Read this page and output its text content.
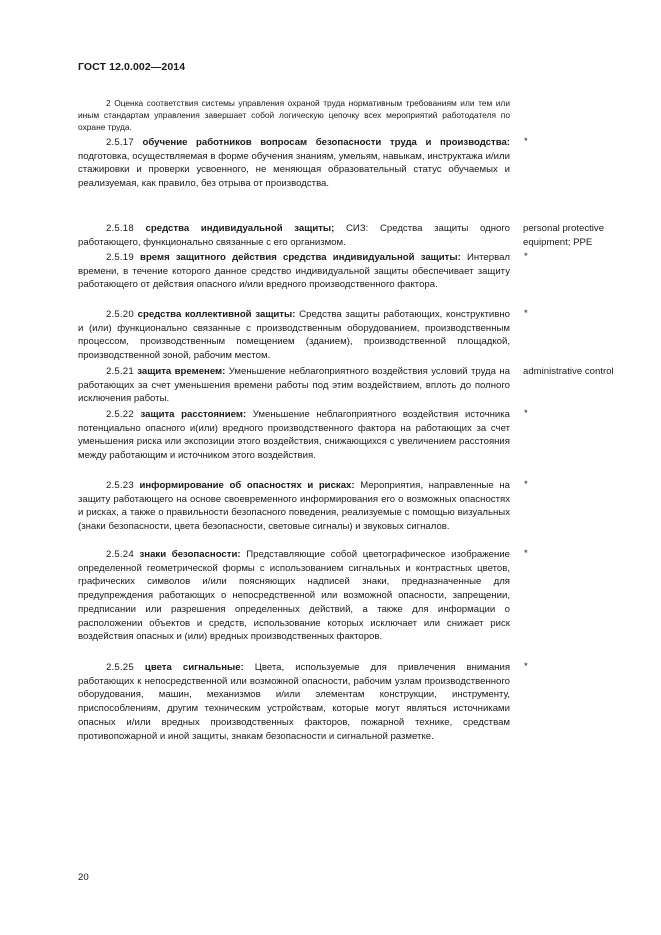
ГОСТ 12.0.002—2014
2 Оценка соответствия системы управления охраной труда нормативным требованиям или тем или иным стандартам управления завершает собой логическую цепочку всех мероприятий работодателя по охране труда.

2.5.17 обучение работников вопросам безопасности труда и производства: подготовка, осуществляемая в форме обучения знаниям, умельям, навыкам, инструктажа и/или стажировки и проверки усвоенного, не меняющая образовательный статус обучаемых и реализуемая, как правило, без отрыва от производства.

*

2.5.18 средства индивидуальной защиты; СИЗ: Средства защиты одного работающего, функционально связанные с его организмом.

personal protective equipment; PPE

2.5.19 время защитного действия средства индивидуальной защиты: Интервал времени, в течение которого данное средство индивидуальной защиты обеспечивает защиту работающего от действия опасного и/или вредного производственного фактора.

*

2.5.20 средства коллективной защиты: Средства защиты работающих, конструктивно и (или) функционально связанные с производственным оборудованием, производственным процессом, производственным помещением (зданием), производственной площадкой, производственной зоной, рабочим местом.

*

2.5.21 защита временем: Уменьшение неблагоприятного воздействия условий труда на работающих за счет уменьшения времени работы под этим воздействием, вплоть до полного исключения работы.

administrative control

2.5.22 защита расстоянием: Уменьшение неблагоприятного воздействия источника потенциально опасного и(или) вредного производственного фактора на работающих за счет уменьшения риска или экспозиции этого воздействия, снижающихся с увеличением расстояния между работающим и источником этого воздействия.

*

2.5.23 информирование об опасностях и рисках: Мероприятия, направленные на защиту работающего на основе своевременного информирования его о возможных опасностях и рисках, а также о правильности безопасного поведения, реализуемые с помощью визуальных (знаки безопасности, цвета безопасности, световые сигналы) и звуковых сигналов.

*

2.5.24 знаки безопасности: Представляющие собой цветографическое изображение определенной геометрической формы с использованием сигнальных и контрастных цветов, графических символов и/или поясняющих надписей знаки, предназначенные для предупреждения работающих о непосредственной или возможной опасности, запрещении, предписании или разрешения определенных действий, а также для информации о расположении объектов и средств, использование которых исключает или снижает риск воздействия опасных и (или) вредных производственных факторов.

*

2.5.25 цвета сигнальные: Цвета, используемые для привлечения внимания работающих к непосредственной или возможной опасности, рабочим узлам производственного оборудования, машин, механизмов и/или элементам конструкции, инструменту, приспособлениям, другим техническим устройствам, которые могут являться источниками опасных и/или вредных производственных факторов, пожарной технике, средствам противопожарной и иной защиты, знакам безопасности и сигнальной разметке.

*
20
